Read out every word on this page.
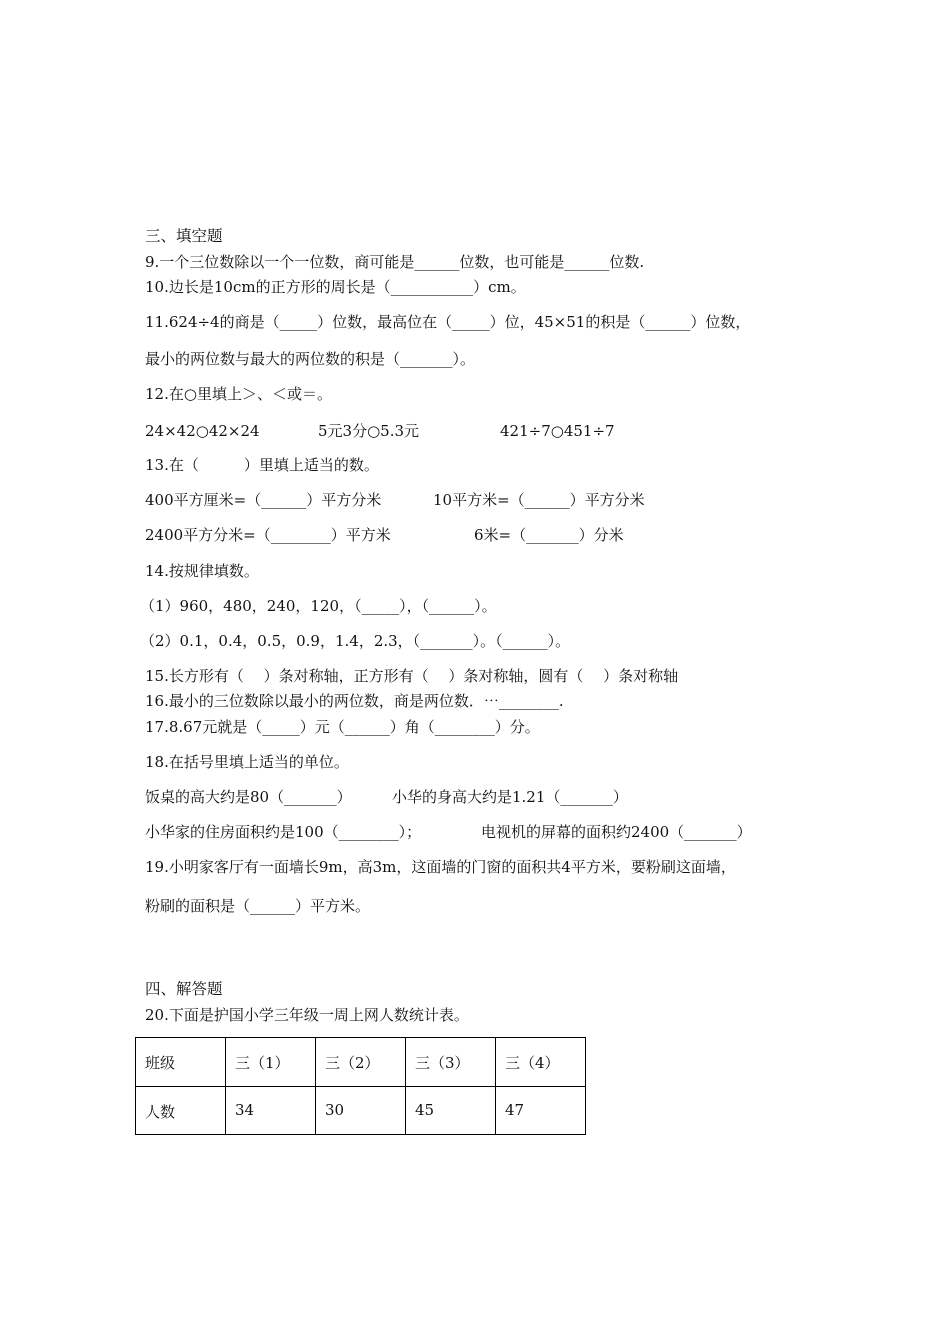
三、填空题
9.一个三位数除以一个一位数，商可能是______位数，也可能是______位数.
10.边长是10cm的正方形的周长是（___________）cm。
11.624÷4的商是（_____）位数，最高位在（_____）位，45×51的积是（______）位数，
最小的两位数与最大的两位数的积是（_______）。
12.在○里填上＞、＜或＝。
24×42○42×24	5元3分○5.3元	421÷7○451÷7
13.在（　　　）里填上适当的数。
400平方厘米=（______）平方分米	10平方米=（______）平方分米
2400平方分米=（________）平方米	6米=（_______）分米
14.按规律填数。
（1）960，480，240，120，（_____），（______）。
（2）0.1，0.4，0.5，0.9，1.4，2.3，（_______）。（______）。
15.长方形有（　 ）条对称轴，正方形有（　 ）条对称轴，圆有（　 ）条对称轴
16.最小的三位数除以最小的两位数，商是两位数．⋯________.
17.8.67元就是（_____）元（______）角（________）分。
18.在括号里填上适当的单位。
饭桌的高大约是80（_______）	小华的身高大约是1.21（_______）
小华家的住房面积约是100（________）；	电视机的屏幕的面积约2400（_______）
19.小明家客厅有一面墙长9m，高3m，这面墙的门窗的面积共4平方米，要粉刷这面墙，
粉刷的面积是（______）平方米。
四、解答题
20.下面是护国小学三年级一周上网人数统计表。
班级	三（1）	三（2）	三（3）	三（4）
人数	34	30	45	47
